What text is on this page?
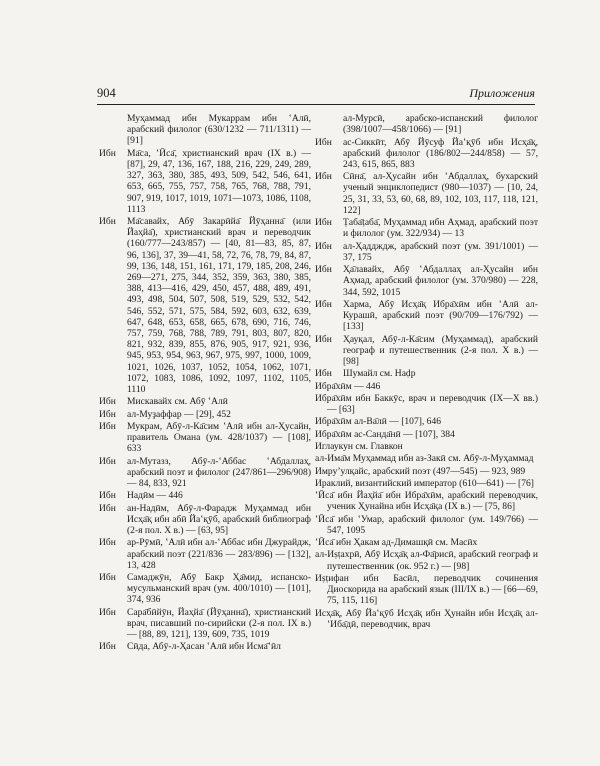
904	Приложения
Муҳаммад ибн Мукаррам ибн ʽАлӣ, арабский филолог (630/1232 — 711/1311) — [91]
Ибн Ма̄са, ʽӢса̄, христианский врач (IX в.) — [87], 29, 47, 136, 167, 188, 216, 229, 249, 289, 327, 363, 380, 385, 493, 509, 542, 546, 641, 653, 665, 755, 757, 758, 765, 768, 788, 791, 907, 919, 1017, 1019, 1071—1073, 1086, 1108, 1113
Ибн Ма̄савайх, Абӯ Закарӣйа̄ Йӯҳанна̄ (или Йаҳйа̄), христианский врач и переводчик (160/777—243/857) — [40, 81—83, 85, 87, 96, 136], 37, 39—41, 58, 72, 76, 78, 79, 84, 87, 99, 136, 148, 151, 161, 171, 179, 185, 208, 246, 269—271, 275, 344, 352, 359, 363, 380, 385, 388, 413—416, 429, 450, 457, 488, 489, 491, 493, 498, 504, 507, 508, 519, 529, 532, 542, 546, 552, 571, 575, 584, 592, 603, 632, 639, 647, 648, 653, 658, 665, 678, 690, 716, 746, 757, 759, 768, 788, 789, 791, 803, 807, 820, 821, 932, 839, 855, 876, 905, 917, 921, 936, 945, 953, 954, 963, 967, 975, 997, 1000, 1009, 1021, 1026, 1037, 1052, 1054, 1062, 1071, 1072, 1083, 1086, 1092, 1097, 1102, 1105, 1110
Ибн Мискавайх см. Абӯ ʽАлӣ
Ибн ал-Муҙаффар — [29], 452
Ибн Мукрам, Абӯ-л-Ка̄сим ʽАлӣ ибн ал-Ҳусайн, правитель Омана (ум. 428/1037) — [108], 633
Ибн ал-Мутазз, Абӯ-л-ʽАббас ʽАбдаллаҳ, арабский поэт и филолог (247/861—296/908) — 84, 833, 921
Ибн Надӣм — 446
Ибн ан-Надӣм, Абӯ-л-Фарадж Муҳаммад ибн Исҳа̄қ ибн абӣ Йаʽқӯб, арабский библиограф (2-я пол. X в.) — [63, 95]
Ибн ар-Рӯмӣ, ʽАлӣ ибн ал-ʽАббас ибн Джурайдж, арабский поэт (221/836 — 283/896) — [132], 13, 428
Ибн Самаджӯн, Абӯ Бакр Ҳа̄мид, испанско-мусульманский врач (ум. 400/1010) — [101], 374, 936
Ибн Сара̄бӣйӯн, Йаҳйа̄ (Йӯҳанна̄), христианский врач, писавший по-сирийски (2-я пол. IX в.) — [88, 89, 121], 139, 609, 735, 1019
Ибн Сӣда, Абӯ-л-Ҳасан ʽАлӣ ибн Исма̄ʽӣл
ал-Мурсӣ, арабско-испанский филолог (398/1007—458/1066) — [91]
Ибн ас-Сиккӣт, Абӯ Йӯсуф Йаʽқӯб ибн Исҳа̄қ, арабский филолог (186/802—244/858) — 57, 243, 615, 865, 883
Ибн Сӣна̄, ал-Ҳусайн ибн ʽАбдаллаҳ, бухарский ученый энциклопедист (980—1037) — [10, 24, 25, 31, 33, 53, 60, 68, 89, 102, 103, 117, 118, 121, 122]
Ибн Ṭаба̄ṭаба̄, Муҳаммад ибн Аҳмад, арабский поэт и филолог (ум. 322/934) — 13
Ибн ал-Ҳаддждж, арабский поэт (ум. 391/1001) — 37, 175
Ибн Ҳа̄лавайх, Абӯ ʽАбдаллаҳ ал-Ҳусайн ибн Аҳмад, арабский филолог (ум. 370/980) — 228, 344, 592, 1015
Ибн Харма, Абӯ Исҳа̄қ Ибра̄хӣм ибн ʽАлӣ ал-Курашӣ, арабский поэт (90/709—176/792) — [133]
Ибн Ҳауқал, Абӯ-л-Ка̄сим (Муҳаммад), арабский географ и путешественник (2-я пол. X в.) — [98]
Ибн Шумайл см. Наḍр
Ибра̄хӣм — 446
Ибра̄хӣм ибн Баккӯс, врач и переводчик (IX—X вв.) — [63]
Ибра̄хӣм ал-Ва̄лӣ — [107], 646
Ибра̄хӣм ас-Санда̄нӣ — [107], 384
Иглаукун см. Главкон
ал-Има̄м Муҳаммад ибн аз-Закӣ см. Абӯ-л-Муҳаммад
Имруʼулқайс, арабский поэт (497—545) — 923, 989
Ираклий, византийский император (610—641) — [76]
ʽӢса̄ ибн Йаҳйа̄ ибн Ибра̄хӣм, арабский переводчик, ученик Ҳунайна ибн Исҳа̄қа (IX в.) — [75, 86]
ʽӢса̄ ибн ʽУмар, арабский филолог (ум. 149/766) — 547, 1095
ʽӢса̄ ибн Ҳакам ад-Димашқӣ см. Масӣх
ал-Иṣṭахрӣ, Абӯ Исҳа̄қ ал-Фа̄рисӣ, арабский географ и путешественник (ок. 952 г.) — [98]
Иṣṭифан ибн Басӣл, переводчик сочинения Диоскорида на арабский язык (III/IX в.) — [66—69, 75, 115, 116]
Исҳа̄қ, Абӯ Йаʽқӯб Исҳа̄қ ибн Ҳунайн ибн Исҳа̄қ ал-ʽИба̄дӣ, переводчик, врач
